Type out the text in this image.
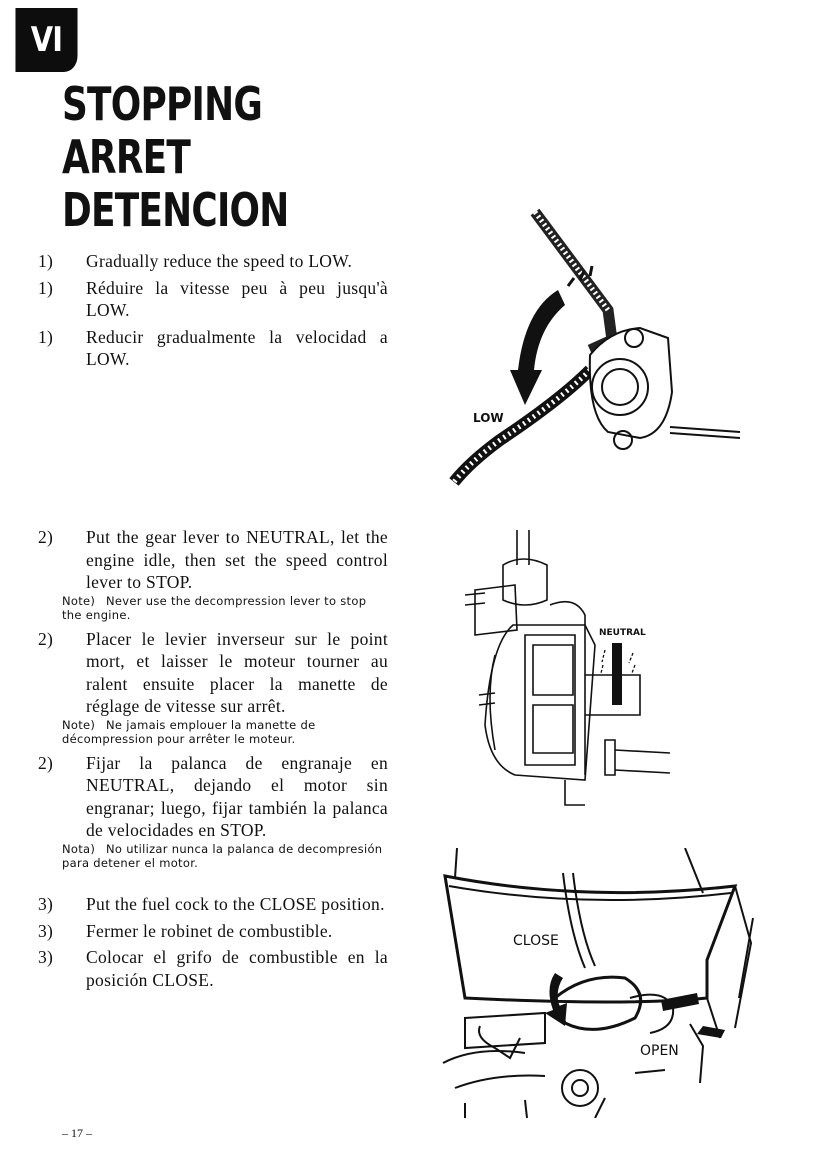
VI
STOPPING
ARRET
DETENCION

1) Gradually reduce the speed to LOW.

1) Réduire la vitesse peu à peu jusqu'à LOW.

1) Reducir gradualmente la velocidad a LOW.

2) Put the gear lever to NEUTRAL, let the engine idle, then set the speed control lever to STOP.

Note) Never use the decompression lever to stop the engine.

2) Placer le levier inverseur sur le point mort, et laisser le moteur tourner au ralent ensuite placer la manette de réglage de vitesse sur arrêt.

Note) Ne jamais emplouer la manette de décompression pour arrêter le moteur.

2) Fijar la palanca de engranaje en NEUTRAL, dejando el motor sin engranar; luego, fijar también la palanca de velocidades en STOP.

Nota) No utilizar nunca la palanca de decompresión para detener el motor.

3) Put the fuel cock to the CLOSE position.

3) Fermer le robinet de combustible.

3) Colocar el grifo de combustible en la posición CLOSE.

LOW
NEUTRAL
CLOSE
OPEN
– 17 –
